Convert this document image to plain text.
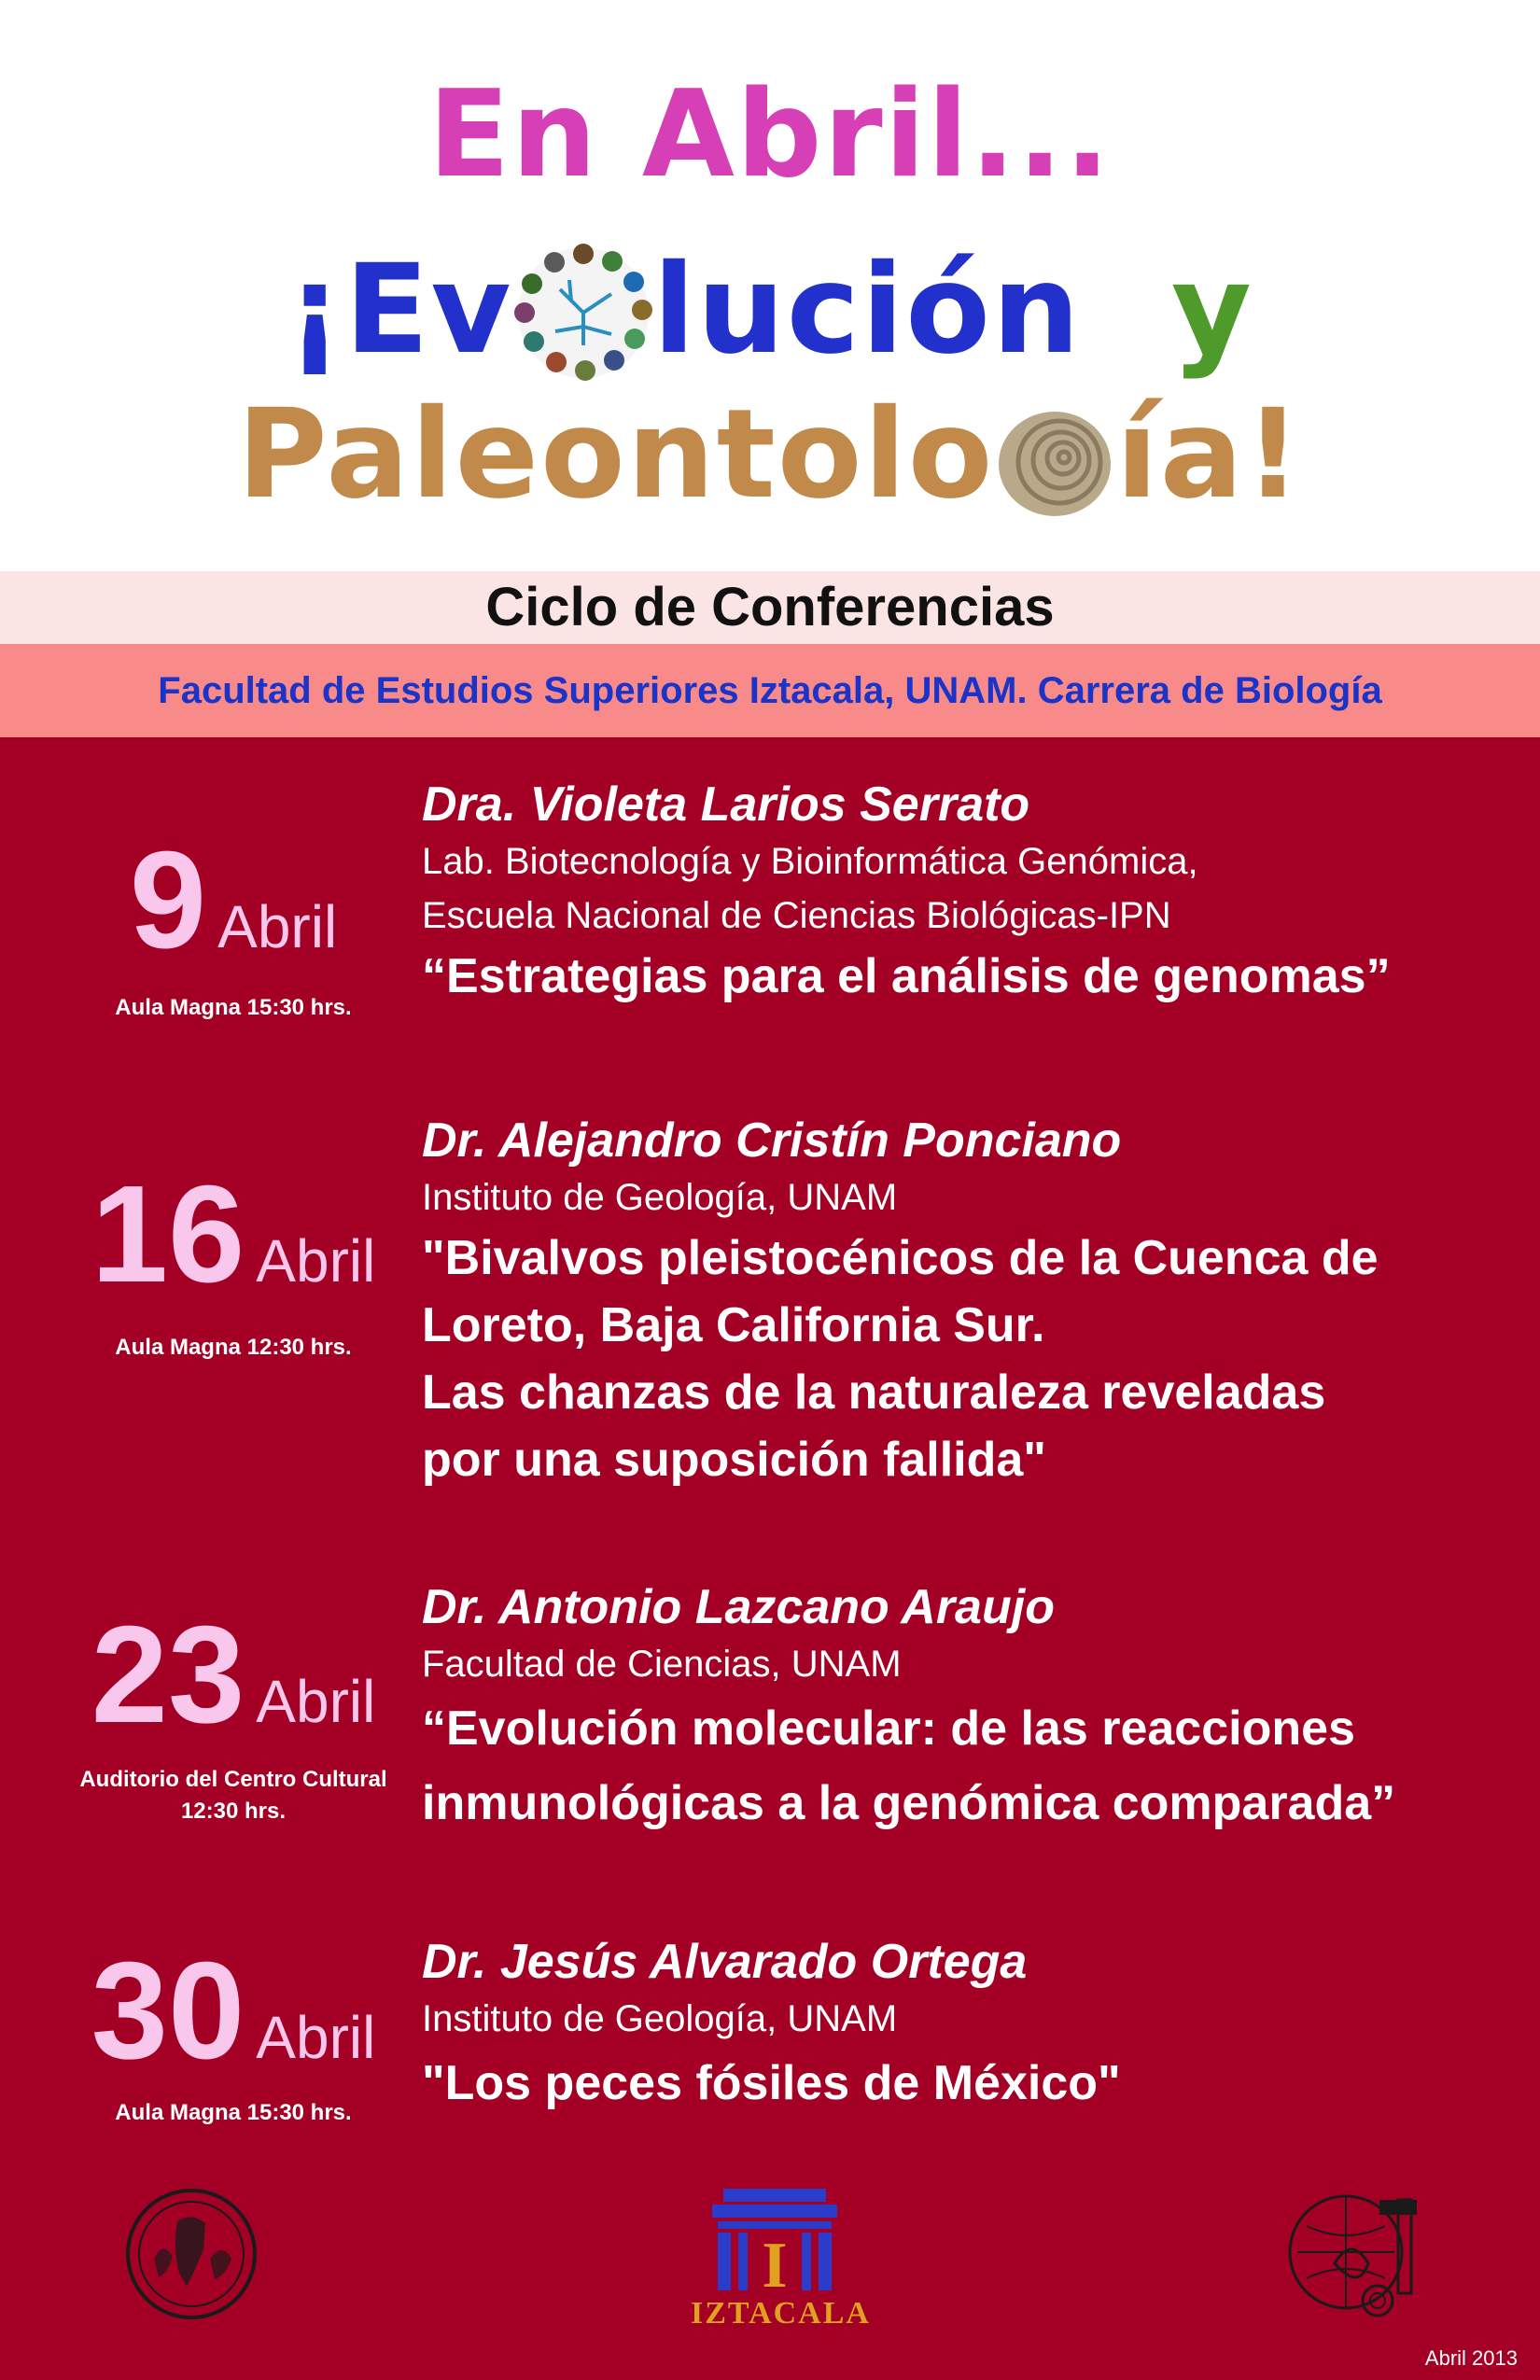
En Abril...
¡Ev lución y
Paleontolo ía!
Ciclo de Conferencias
Facultad de Estudios Superiores Iztacala, UNAM. Carrera de Biología
9 Abril
Aula Magna 15:30 hrs.
Dra. Violeta Larios Serrato
Lab. Biotecnología y Bioinformática Genómica,
Escuela Nacional de Ciencias Biológicas-IPN
“Estrategias para el análisis de genomas”
16 Abril
Aula Magna 12:30 hrs.
Dr. Alejandro Cristín Ponciano
Instituto de Geología, UNAM
"Bivalvos pleistocénicos de la Cuenca de
Loreto, Baja California Sur.
Las chanzas de la naturaleza reveladas
por una suposición fallida"
23 Abril
Auditorio del Centro Cultural
12:30 hrs.
Dr. Antonio Lazcano Araujo
Facultad de Ciencias, UNAM
“Evolución molecular: de las reacciones
inmunológicas a la genómica comparada”
30 Abril
Aula Magna 15:30 hrs.
Dr. Jesús Alvarado Ortega
Instituto de Geología, UNAM
"Los peces fósiles de México"
I
IZTACALA
Abril 2013
